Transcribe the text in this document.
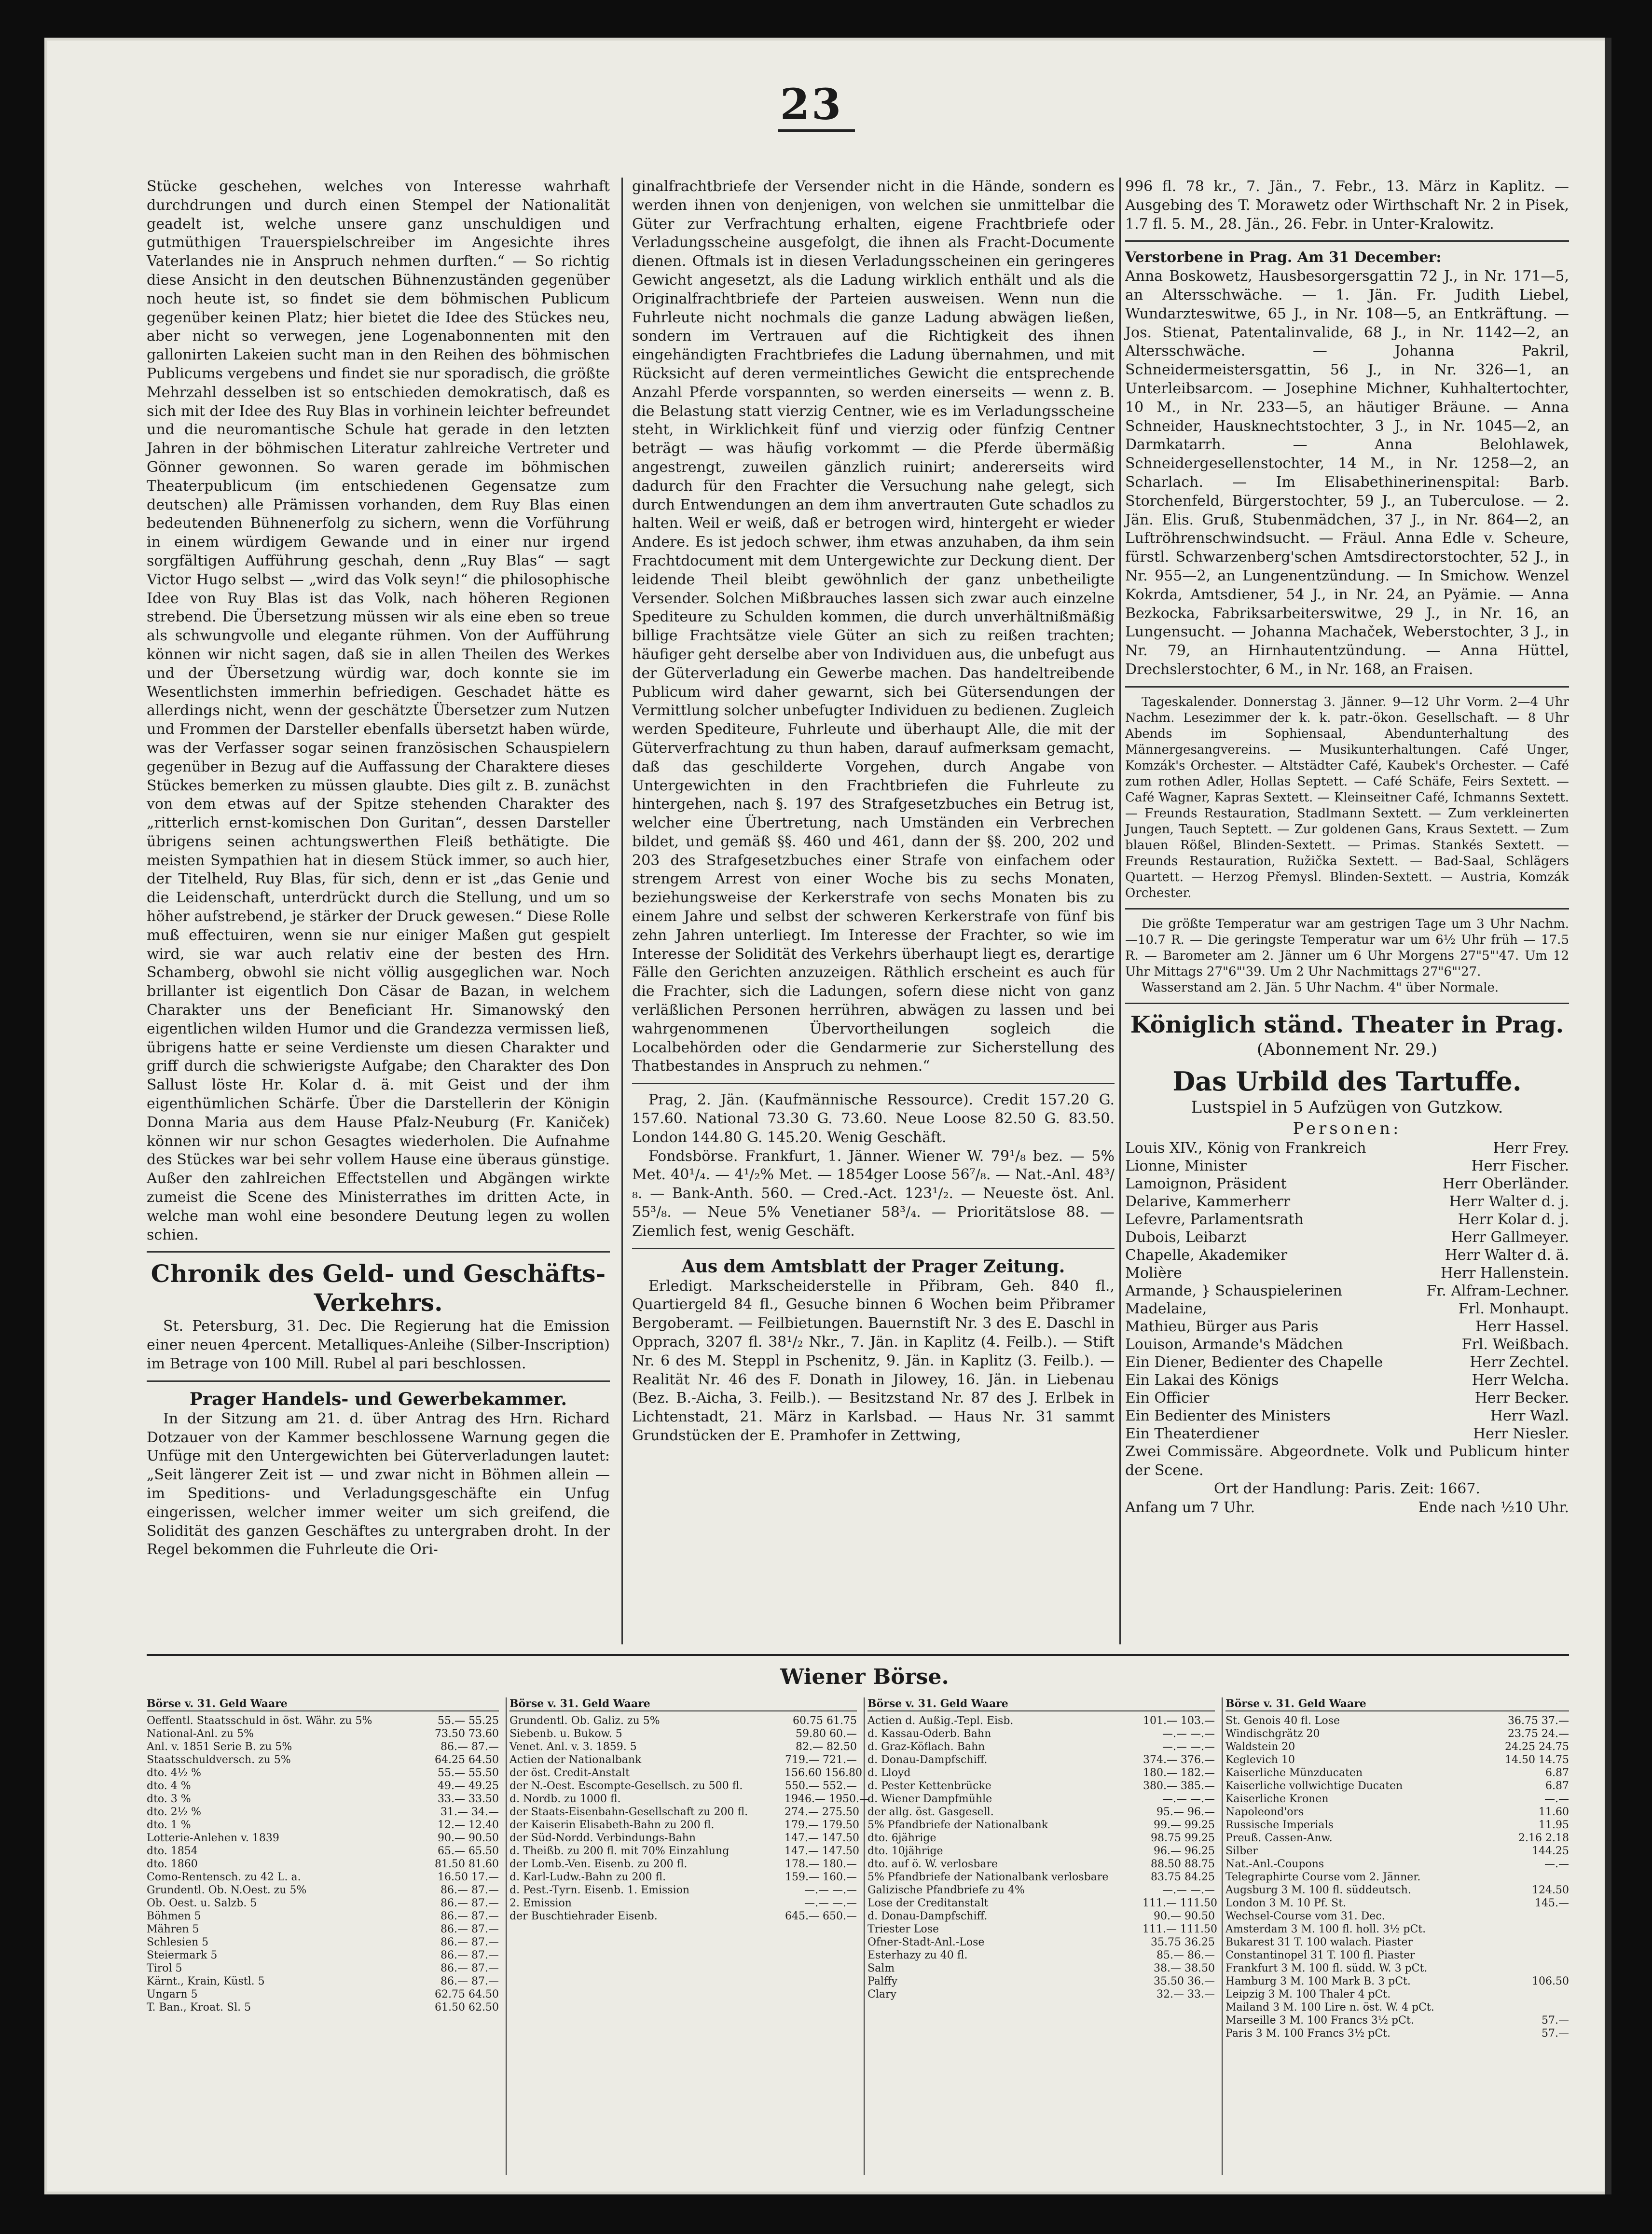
23

Stücke geschehen, welches von Interesse wahrhaft durchdrungen und durch einen Stempel der Nationalität geadelt ist, welche unsere ganz unschuldigen und gutmüthigen Trauerspielschreiber im Angesichte ihres Vaterlandes nie in Anspruch nehmen durften.“ — So richtig diese Ansicht in den deutschen Bühnenzuständen gegenüber noch heute ist, so findet sie dem böhmischen Publicum gegenüber keinen Platz; hier bietet die Idee des Stückes neu, aber nicht so verwegen, jene Logenabonnenten mit den gallonirten Lakeien sucht man in den Reihen des böhmischen Publicums vergebens und findet sie nur sporadisch, die größte Mehrzahl desselben ist so entschieden demokratisch, daß es sich mit der Idee des Ruy Blas in vorhinein leichter befreundet und die neuromantische Schule hat gerade in den letzten Jahren in der böhmischen Literatur zahlreiche Vertreter und Gönner gewonnen. So waren gerade im böhmischen Theaterpublicum (im entschiedenen Gegensatze zum deutschen) alle Prämissen vorhanden, dem Ruy Blas einen bedeutenden Bühnenerfolg zu sichern, wenn die Vorführung in einem würdigem Gewande und in einer nur irgend sorgfältigen Aufführung geschah, denn „Ruy Blas“ — sagt Victor Hugo selbst — „wird das Volk seyn!“ die philosophische Idee von Ruy Blas ist das Volk, nach höheren Regionen strebend. Die Übersetzung müssen wir als eine eben so treue als schwungvolle und elegante rühmen. Von der Aufführung können wir nicht sagen, daß sie in allen Theilen des Werkes und der Übersetzung würdig war, doch konnte sie im Wesentlichsten immerhin befriedigen. Geschadet hätte es allerdings nicht, wenn der geschätzte Übersetzer zum Nutzen und Frommen der Darsteller ebenfalls übersetzt haben würde, was der Verfasser sogar seinen französischen Schauspielern gegenüber in Bezug auf die Auffassung der Charaktere dieses Stückes bemerken zu müssen glaubte. Dies gilt z. B. zunächst von dem etwas auf der Spitze stehenden Charakter des „ritterlich ernst-komischen Don Guritan“, dessen Darsteller übrigens seinen achtungswerthen Fleiß bethätigte. Die meisten Sympathien hat in diesem Stück immer, so auch hier, der Titelheld, Ruy Blas, für sich, denn er ist „das Genie und die Leidenschaft, unterdrückt durch die Stellung, und um so höher aufstrebend, je stärker der Druck gewesen.“ Diese Rolle muß effectuiren, wenn sie nur einiger Maßen gut gespielt wird, sie war auch relativ eine der besten des Hrn. Schamberg, obwohl sie nicht völlig ausgeglichen war. Noch brillanter ist eigentlich Don Cäsar de Bazan, in welchem Charakter uns der Beneficiant Hr. Simanowský den eigentlichen wilden Humor und die Grandezza vermissen ließ, übrigens hatte er seine Verdienste um diesen Charakter und griff durch die schwierigste Aufgabe; den Charakter des Don Sallust löste Hr. Kolar d. ä. mit Geist und der ihm eigenthümlichen Schärfe. Über die Darstellerin der Königin Donna Maria aus dem Hause Pfalz-Neuburg (Fr. Kaniček) können wir nur schon Gesagtes wiederholen. Die Aufnahme des Stückes war bei sehr vollem Hause eine überaus günstige. Außer den zahlreichen Effectstellen und Abgängen wirkte zumeist die Scene des Ministerrathes im dritten Acte, in welche man wohl eine besondere Deutung legen zu wollen schien.

Chronik des Geld- und Geschäfts-Verkehrs.

St. Petersburg, 31. Dec. Die Regierung hat die Emission einer neuen 4percent. Metalliques-Anleihe (Silber-Inscription) im Betrage von 100 Mill. Rubel al pari beschlossen.

Prager Handels- und Gewerbekammer.

In der Sitzung am 21. d. über Antrag des Hrn. Richard Dotzauer von der Kammer beschlossene Warnung gegen die Unfüge mit den Untergewichten bei Güterverladungen lautet: „Seit längerer Zeit ist — und zwar nicht in Böhmen allein — im Speditions- und Verladungsgeschäfte ein Unfug eingerissen, welcher immer weiter um sich greifend, die Solidität des ganzen Geschäftes zu untergraben droht. In der Regel bekommen die Fuhrleute die Ori-

ginalfrachtbriefe der Versender nicht in die Hände, sondern es werden ihnen von denjenigen, von welchen sie unmittelbar die Güter zur Verfrachtung erhalten, eigene Frachtbriefe oder Verladungsscheine ausgefolgt, die ihnen als Fracht-Documente dienen. Oftmals ist in diesen Verladungsscheinen ein geringeres Gewicht angesetzt, als die Ladung wirklich enthält und als die Originalfrachtbriefe der Parteien ausweisen. Wenn nun die Fuhrleute nicht nochmals die ganze Ladung abwägen ließen, sondern im Vertrauen auf die Richtigkeit des ihnen eingehändigten Frachtbriefes die Ladung übernahmen, und mit Rücksicht auf deren vermeintliches Gewicht die entsprechende Anzahl Pferde vorspannten, so werden einerseits — wenn z. B. die Belastung statt vierzig Centner, wie es im Verladungsscheine steht, in Wirklichkeit fünf und vierzig oder fünfzig Centner beträgt — was häufig vorkommt — die Pferde übermäßig angestrengt, zuweilen gänzlich ruinirt; andererseits wird dadurch für den Frachter die Versuchung nahe gelegt, sich durch Entwendungen an dem ihm anvertrauten Gute schadlos zu halten. Weil er weiß, daß er betrogen wird, hintergeht er wieder Andere. Es ist jedoch schwer, ihm etwas anzuhaben, da ihm sein Frachtdocument mit dem Untergewichte zur Deckung dient. Der leidende Theil bleibt gewöhnlich der ganz unbetheiligte Versender. Solchen Mißbrauches lassen sich zwar auch einzelne Spediteure zu Schulden kommen, die durch unverhältnißmäßig billige Frachtsätze viele Güter an sich zu reißen trachten; häufiger geht derselbe aber von Individuen aus, die unbefugt aus der Güterverladung ein Gewerbe machen. Das handeltreibende Publicum wird daher gewarnt, sich bei Gütersendungen der Vermittlung solcher unbefugter Individuen zu bedienen. Zugleich werden Spediteure, Fuhrleute und überhaupt Alle, die mit der Güterverfrachtung zu thun haben, darauf aufmerksam gemacht, daß das geschilderte Vorgehen, durch Angabe von Untergewichten in den Frachtbriefen die Fuhrleute zu hintergehen, nach §. 197 des Strafgesetzbuches ein Betrug ist, welcher eine Übertretung, nach Umständen ein Verbrechen bildet, und gemäß §§. 460 und 461, dann der §§. 200, 202 und 203 des Strafgesetzbuches einer Strafe von einfachem oder strengem Arrest von einer Woche bis zu sechs Monaten, beziehungsweise der Kerkerstrafe von sechs Monaten bis zu einem Jahre und selbst der schweren Kerkerstrafe von fünf bis zehn Jahren unterliegt. Im Interesse der Frachter, so wie im Interesse der Solidität des Verkehrs überhaupt liegt es, derartige Fälle den Gerichten anzuzeigen. Räthlich erscheint es auch für die Frachter, sich die Ladungen, sofern diese nicht von ganz verläßlichen Personen herrühren, abwägen zu lassen und bei wahrgenommenen Übervortheilungen sogleich die Localbehörden oder die Gendarmerie zur Sicherstellung des Thatbestandes in Anspruch zu nehmen.“

Prag, 2. Jän. (Kaufmännische Ressource). Credit 157.20 G. 157.60. National 73.30 G. 73.60. Neue Loose 82.50 G. 83.50. London 144.80 G. 145.20. Wenig Geschäft.

Fondsbörse. Frankfurt, 1. Jänner. Wiener W. 79¹/₈ bez. — 5% Met. 40¹/₄. — 4¹/₂% Met. — 1854ger Loose 56⁷/₈. — Nat.-Anl. 48³/₈. — Bank-Anth. 560. — Cred.-Act. 123¹/₂. — Neueste öst. Anl. 55³/₈. — Neue 5% Venetianer 58³/₄. — Prioritätslose 88. — Ziemlich fest, wenig Geschäft.

Aus dem Amtsblatt der Prager Zeitung.

Erledigt. Markscheiderstelle in Přibram, Geh. 840 fl., Quartiergeld 84 fl., Gesuche binnen 6 Wochen beim Přibramer Bergoberamt. — Feilbietungen. Bauernstift Nr. 3 des E. Daschl in Opprach, 3207 fl. 38¹/₂ Nkr., 7. Jän. in Kaplitz (4. Feilb.). — Stift Nr. 6 des M. Steppl in Pschenitz, 9. Jän. in Kaplitz (3. Feilb.). — Realität Nr. 46 des F. Donath in Jilowey, 16. Jän. in Liebenau (Bez. B.-Aicha, 3. Feilb.). — Besitzstand Nr. 87 des J. Erlbek in Lichtenstadt, 21. März in Karlsbad. — Haus Nr. 31 sammt Grundstücken der E. Pramhofer in Zettwing,

996 fl. 78 kr., 7. Jän., 7. Febr., 13. März in Kaplitz. — Ausgebing des T. Morawetz oder Wirthschaft Nr. 2 in Pisek, 1.7 fl. 5. M., 28. Jän., 26. Febr. in Unter-Kralowitz.

Verstorbene in Prag. Am 31 December:

Anna Boskowetz, Hausbesorgersgattin 72 J., in Nr. 171—5, an Altersschwäche. — 1. Jän. Fr. Judith Liebel, Wundarzteswitwe, 65 J., in Nr. 108—5, an Entkräftung. — Jos. Stienat, Patentalinvalide, 68 J., in Nr. 1142—2, an Altersschwäche. — Johanna Pakril, Schneidermeistersgattin, 56 J., in Nr. 326—1, an Unterleibsarcom. — Josephine Michner, Kuhhaltertochter, 10 M., in Nr. 233—5, an häutiger Bräune. — Anna Schneider, Hausknechtstochter, 3 J., in Nr. 1045—2, an Darmkatarrh. — Anna Belohlawek, Schneidergesellenstochter, 14 M., in Nr. 1258—2, an Scharlach. — Im Elisabethinerinenspital: Barb. Storchenfeld, Bürgerstochter, 59 J., an Tuberculose. — 2. Jän. Elis. Gruß, Stubenmädchen, 37 J., in Nr. 864—2, an Luftröhrenschwindsucht. — Fräul. Anna Edle v. Scheure, fürstl. Schwarzenberg'schen Amtsdirectorstochter, 52 J., in Nr. 955—2, an Lungenentzündung. — In Smichow. Wenzel Kokrda, Amtsdiener, 54 J., in Nr. 24, an Pyämie. — Anna Bezkocka, Fabriksarbeiterswitwe, 29 J., in Nr. 16, an Lungensucht. — Johanna Machaček, Weberstochter, 3 J., in Nr. 79, an Hirnhautentzündung. — Anna Hüttel, Drechslerstochter, 6 M., in Nr. 168, an Fraisen.

Tageskalender. Donnerstag 3. Jänner. 9—12 Uhr Vorm. 2—4 Uhr Nachm. Lesezimmer der k. k. patr.-ökon. Gesellschaft. — 8 Uhr Abends im Sophiensaal, Abendunterhaltung des Männergesangvereins. — Musikunterhaltungen. Café Unger, Komzák's Orchester. — Altstädter Café, Kaubek's Orchester. — Café zum rothen Adler, Hollas Septett. — Café Schäfe, Feirs Sextett. — Café Wagner, Kapras Sextett. — Kleinseitner Café, Ichmanns Sextett. — Freunds Restauration, Stadlmann Sextett. — Zum verkleinerten Jungen, Tauch Septett. — Zur goldenen Gans, Kraus Sextett. — Zum blauen Rößel, Blinden-Sextett. — Primas. Stankés Sextett. — Freunds Restauration, Ružička Sextett. — Bad-Saal, Schlägers Quartett. — Herzog Přemysl. Blinden-Sextett. — Austria, Komzák Orchester.

Die größte Temperatur war am gestrigen Tage um 3 Uhr Nachm. —10.7 R. — Die geringste Temperatur war um 6½ Uhr früh — 17.5 R. — Barometer am 2. Jänner um 6 Uhr Morgens 27"5"'47. Um 12 Uhr Mittags 27"6"'39. Um 2 Uhr Nachmittags 27"6"'27.

Wasserstand am 2. Jän. 5 Uhr Nachm. 4" über Normale.

Königlich ständ. Theater in Prag.
(Abonnement Nr. 29.)
Das Urbild des Tartuffe.
Lustspiel in 5 Aufzügen von Gutzkow.
Personen:
Louis XIV., König von Frankreich	Herr Frey.
Lionne, Minister	Herr Fischer.
Lamoignon, Präsident	Herr Oberländer.
Delarive, Kammerherr	Herr Walter d. j.
Lefevre, Parlamentsrath	Herr Kolar d. j.
Dubois, Leibarzt	Herr Gallmeyer.
Chapelle, Akademiker	Herr Walter d. ä.
Molière	Herr Hallenstein.
Armande, } Schauspielerinen	Fr. Alfram-Lechner.
Madelaine,	Frl. Monhaupt.
Mathieu, Bürger aus Paris	Herr Hassel.
Louison, Armande's Mädchen	Frl. Weißbach.
Ein Diener, Bedienter des Chapelle	Herr Zechtel.
Ein Lakai des Königs	Herr Welcha.
Ein Officier	Herr Becker.
Ein Bedienter des Ministers	Herr Wazl.
Ein Theaterdiener	Herr Niesler.

Zwei Commissäre. Abgeordnete. Volk und Publicum hinter der Scene.

Ort der Handlung: Paris. Zeit: 1667.

Anfang um 7 Uhr.	Ende nach ½10 Uhr.
Wiener Börse.
Börse v. 31. Geld Waare
Oeffentl. Staatsschuld in öst. Währ. zu 5%	55.— 55.25
National-Anl. zu 5%	73.50 73.60
Anl. v. 1851 Serie B. zu 5%	86.— 87.—
Staatsschuldversch. zu 5%	64.25 64.50
dto. 4½ %	55.— 55.50
dto. 4 %	49.— 49.25
dto. 3 %	33.— 33.50
dto. 2½ %	31.— 34.—
dto. 1 %	12.— 12.40
Lotterie-Anlehen v. 1839	90.— 90.50
dto. 1854	65.— 65.50
dto. 1860	81.50 81.60
Como-Rentensch. zu 42 L. a.	16.50 17.—
Grundentl. Ob. N.Oest. zu 5%	86.— 87.—
Ob. Oest. u. Salzb. 5	86.— 87.—
Böhmen 5	86.— 87.—
Mähren 5	86.— 87.—
Schlesien 5	86.— 87.—
Steiermark 5	86.— 87.—
Tirol 5	86.— 87.—
Kärnt., Krain, Küstl. 5	86.— 87.—
Ungarn 5	62.75 64.50
T. Ban., Kroat. Sl. 5	61.50 62.50
Börse v. 31. Geld Waare
Grundentl. Ob. Galiz. zu 5%	60.75 61.75
Siebenb. u. Bukow. 5	59.80 60.—
Venet. Anl. v. 3. 1859. 5	82.— 82.50
Actien der Nationalbank	719.— 721.—
der öst. Credit-Anstalt	156.60 156.80
der N.-Oest. Escompte-Gesellsch. zu 500 fl.	550.— 552.—
d. Nordb. zu 1000 fl.	1946.— 1950.—
der Staats-Eisenbahn-Gesellschaft zu 200 fl.	274.— 275.50
der Kaiserin Elisabeth-Bahn zu 200 fl.	179.— 179.50
der Süd-Nordd. Verbindungs-Bahn	147.— 147.50
d. Theißb. zu 200 fl. mit 70% Einzahlung	147.— 147.50
der Lomb.-Ven. Eisenb. zu 200 fl.	178.— 180.—
d. Karl-Ludw.-Bahn zu 200 fl.	159.— 160.—
d. Pest.-Tyrn. Eisenb. 1. Emission	—.— —.—
2. Emission	—.— —.—
der Buschtiehrader Eisenb.	645.— 650.—
Börse v. 31. Geld Waare
Actien d. Außig.-Tepl. Eisb.	101.— 103.—
d. Kassau-Oderb. Bahn	—.— —.—
d. Graz-Köflach. Bahn	—.— —.—
d. Donau-Dampfschiff.	374.— 376.—
d. Lloyd	180.— 182.—
d. Pester Kettenbrücke	380.— 385.—
d. Wiener Dampfmühle	—.— —.—
der allg. öst. Gasgesell.	95.— 96.—
5% Pfandbriefe der Nationalbank	99.— 99.25
dto. 6jährige	98.75 99.25
dto. 10jährige	96.— 96.25
dto. auf ö. W. verlosbare	88.50 88.75
5% Pfandbriefe der Nationalbank verlosbare	83.75 84.25
Galizische Pfandbriefe zu 4%	—.— —.—
Lose der Creditanstalt	111.— 111.50
d. Donau-Dampfschiff.	90.— 90.50
Triester Lose	111.— 111.50
Ofner-Stadt-Anl.-Lose	35.75 36.25
Esterhazy zu 40 fl.	85.— 86.—
Salm	38.— 38.50
Palffy	35.50 36.—
Clary	32.— 33.—
Börse v. 31. Geld Waare
St. Genois 40 fl. Lose	36.75 37.—
Windischgrätz 20	23.75 24.—
Waldstein 20	24.25 24.75
Keglevich 10	14.50 14.75
Kaiserliche Münzducaten	6.87
Kaiserliche vollwichtige Ducaten	6.87
Kaiserliche Kronen	—.—
Napoleond'ors	11.60
Russische Imperials	11.95
Preuß. Cassen-Anw.	2.16 2.18
Silber	144.25
Nat.-Anl.-Coupons	—.—
Telegraphirte Course vom 2. Jänner.
Augsburg 3 M. 100 fl. süddeutsch.	124.50
London 3 M. 10 Pf. St.	145.—
Wechsel-Course vom 31. Dec.
Amsterdam 3 M. 100 fl. holl. 3½ pCt.
Bukarest 31 T. 100 walach. Piaster
Constantinopel 31 T. 100 fl. Piaster
Frankfurt 3 M. 100 fl. südd. W. 3 pCt.
Hamburg 3 M. 100 Mark B. 3 pCt.	106.50
Leipzig 3 M. 100 Thaler 4 pCt.
Mailand 3 M. 100 Lire n. öst. W. 4 pCt.
Marseille 3 M. 100 Francs 3½ pCt.	57.—
Paris 3 M. 100 Francs 3½ pCt.	57.—
